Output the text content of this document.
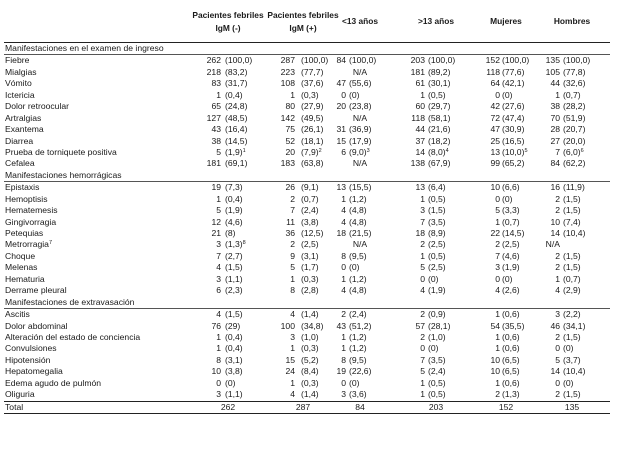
Pacientes febriles IgM (-)
Pacientes febriles IgM (+)
<13 años	>13 años	Mujeres	Hombres
Manifestaciones en el examen de ingreso
Fiebre	262 (100,0)	287 (100,0) 84 (100,0)	203 (100,0)	152 (100,0)	135 (100,0)
Mialgias	218 (83,2)	223 (77,7)	N/A	181 (89,2)	118 (77,6)	105 (77,8)
Vómito	83 (31,7)	108 (37,6)	47 (55,6)	61 (30,1)	64 (42,1)	44 (32,6)
Ictericia	1 (0,4)	1 (0,3)	0 (0)	1 (0,5)	0 (0)	1 (0,7)
Dolor retroocular	65 (24,8)	80 (27,9)	20 (23,8)	60 (29,7)	42 (27,6)	38 (28,2)
Artralgias	127 (48,5)	142 (49,5)	N/A	118 (58,1)	72 (47,4)	70 (51,9)
Exantema	43 (16,4)	75 (26,1)	31 (36,9)	44 (21,6)	47 (30,9)	28 (20,7)
Diarrea	38 (14,5)	52 (18,1)	15 (17,9)	37 (18,2)	25 (16,5)	27 (20,0)
Prueba de torniquete positiva	5 $(1,9)^1$	20 $(7,9)^2$	6 $(9,0)^3$	14 $(8,0)^4$	13 $(10,0)^5$	7 $(6,0)^6$
Cefalea	181 (69,1)	183 (63,8)	N/A	138 (67,9)	99 (65,2)	84 (62,2)
Manifestaciones hemorrágicas
Epistaxis	19 (7,3)	26 (9,1)	13 (15,5)	13 (6,4)	10 (6,6)	16 (11,9)
Hemoptisis	1 (0,4)	2 (0,7)	1 (1,2)	1 (0,5)	0 (0)	2 (1,5)
Hematemesis	5 (1,9)	7 (2,4)	4 (4,8)	3 (1,5)	5 (3,3)	2 (1,5)
Gingivorragia	12 (4,6)	11 (3,8)	4 (4,8)	7 (3,5)	1 (0,7)	10 (7,4)
Petequias	21 (8)	36 (12,5)	18 (21,5)	18 (8,9)	22 (14,5)	14 (10,4)
Metrorragia$^7$	3 $(1,3)^8$	2 (2,5)	N/A	2 (2,5)	2 (2,5)	N/A
Choque	7 (2,7)	9 (3,1)	8 (9,5)	1 (0,5)	7 (4,6)	2 (1,5)
Melenas	4 (1,5)	5 (1,7)	0 (0)	5 (2,5)	3 (1,9)	2 (1,5)
Hematuria	3 (1,1)	1 (0,3)	1 (1,2)	0 (0)	0 (0)	1 (0,7)
Derrame pleural	6 (2,3)	8 (2,8)	4 (4,8)	4 (1,9)	4 (2,6)	4 (2,9)
Manifestaciones de extravasación
Ascitis	4 (1,5)	4 (1,4)	2 (2,4)	2 (0,9)	1 (0,6)	3 (2,2)
Dolor abdominal	76 (29)	100 (34,8)	43 (51,2)	57 (28,1)	54 (35,5)	46 (34,1)
Alteración del estado de conciencia	1 (0,4)	3 (1,0)	1 (1,2)	2 (1,0)	1 (0,6)	2 (1,5)
Convulsiones	1 (0,4)	1 (0,3)	1 (1,2)	0 (0)	1 (0,6)	0 (0)
Hipotensión	8 (3,1)	15 (5,2)	8 (9,5)	7 (3,5)	10 (6,5)	5 (3,7)
Hepatomegalia	10 (3,8)	24 (8,4)	19 (22,6)	5 (2,4)	10 (6,5)	14 (10,4)
Edema agudo de pulmón	0 (0)	1 (0,3)	0 (0)	1 (0,5)	1 (0,6)	0 (0)
Oliguria	3 (1,1)	4 (1,4)	3 (3,6)	1 (0,5)	2 (1,3)	2 (1,5)
Total	262	287	84	203	152	135
